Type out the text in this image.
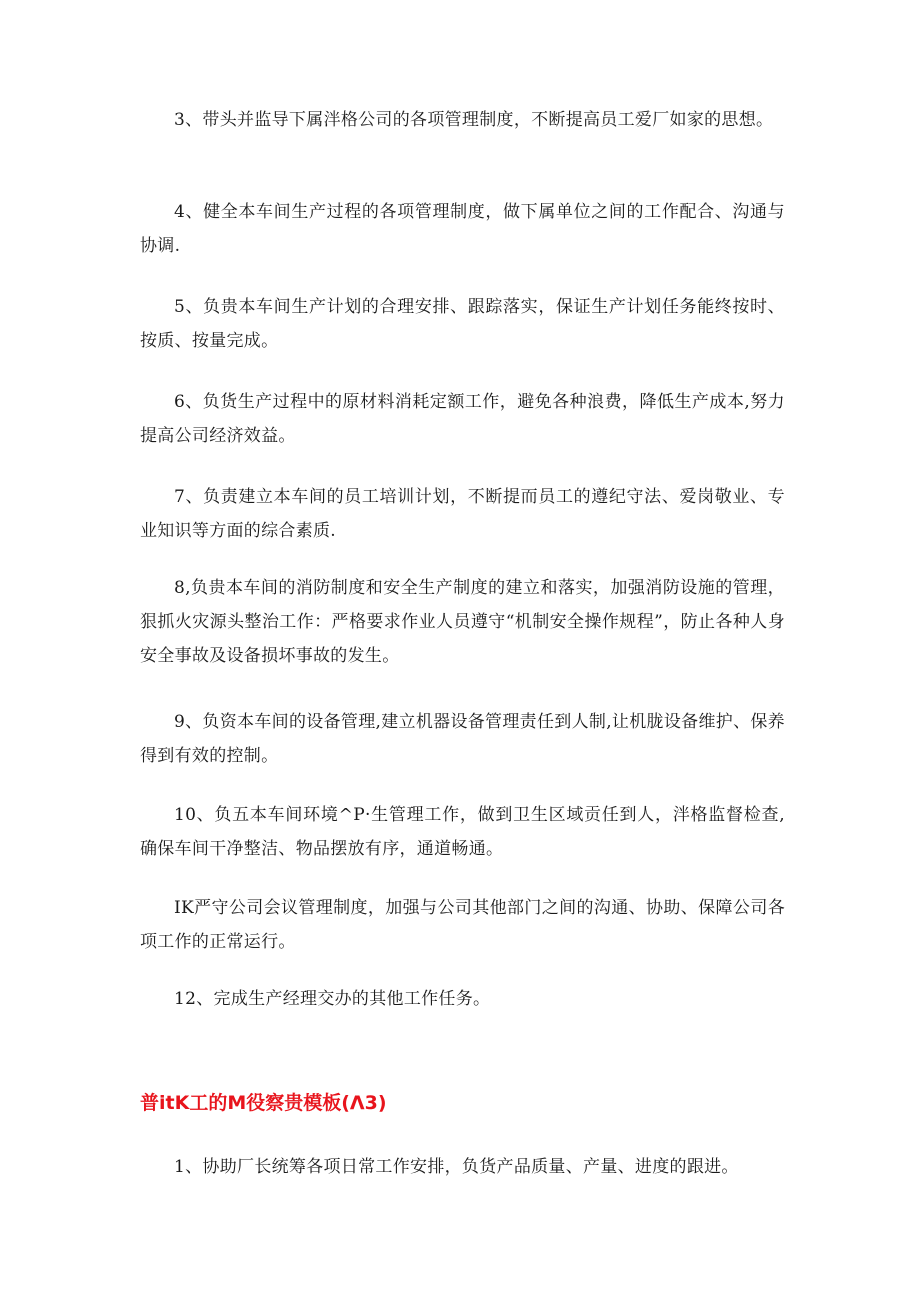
3、带头并监导下属泮格公司的各项管理制度，不断提高员工爱厂如家的思想。

4、健全本车间生产过程的各项管理制度，做下属单位之间的工作配合、沟通与协调.

5、负贵本车间生产计划的合理安排、跟踪落实，保证生产计划任务能终按时、按质、按量完成。

6、负货生产过程中的原材料消耗定额工作，避免各种浪费，降低生产成本,努力提高公司经济效益。

7、负责建立本车间的员工培训计划，不断提而员工的遵纪守法、爱岗敬业、专业知识等方面的综合素质.

8,负贵本车间的消防制度和安全生产制度的建立和落实，加强消防设施的管理，狠抓火灾源头整治工作：严格要求作业人员遵守“机制安全操作规程”，防止各种人身安全事故及设备损坏事故的发生。

9、负资本车间的设备管理,建立机器设备管理责任到人制,让机胧设备维护、保养得到有效的控制。

10、负五本车间环境^P·生管理工作，做到卫生区域贡任到人，泮格监督检查,确保车间干净整洁、物品摆放有序，通道畅通。

IK严守公司会议管理制度，加强与公司其他部门之间的沟通、协助、保障公司各项工作的正常运行。

12、完成生产经理交办的其他工作任务。

普itK工的M役察贵模板(Λ3)

1、协助厂长统筹各项日常工作安排，负货产品质量、产量、进度的跟进。
